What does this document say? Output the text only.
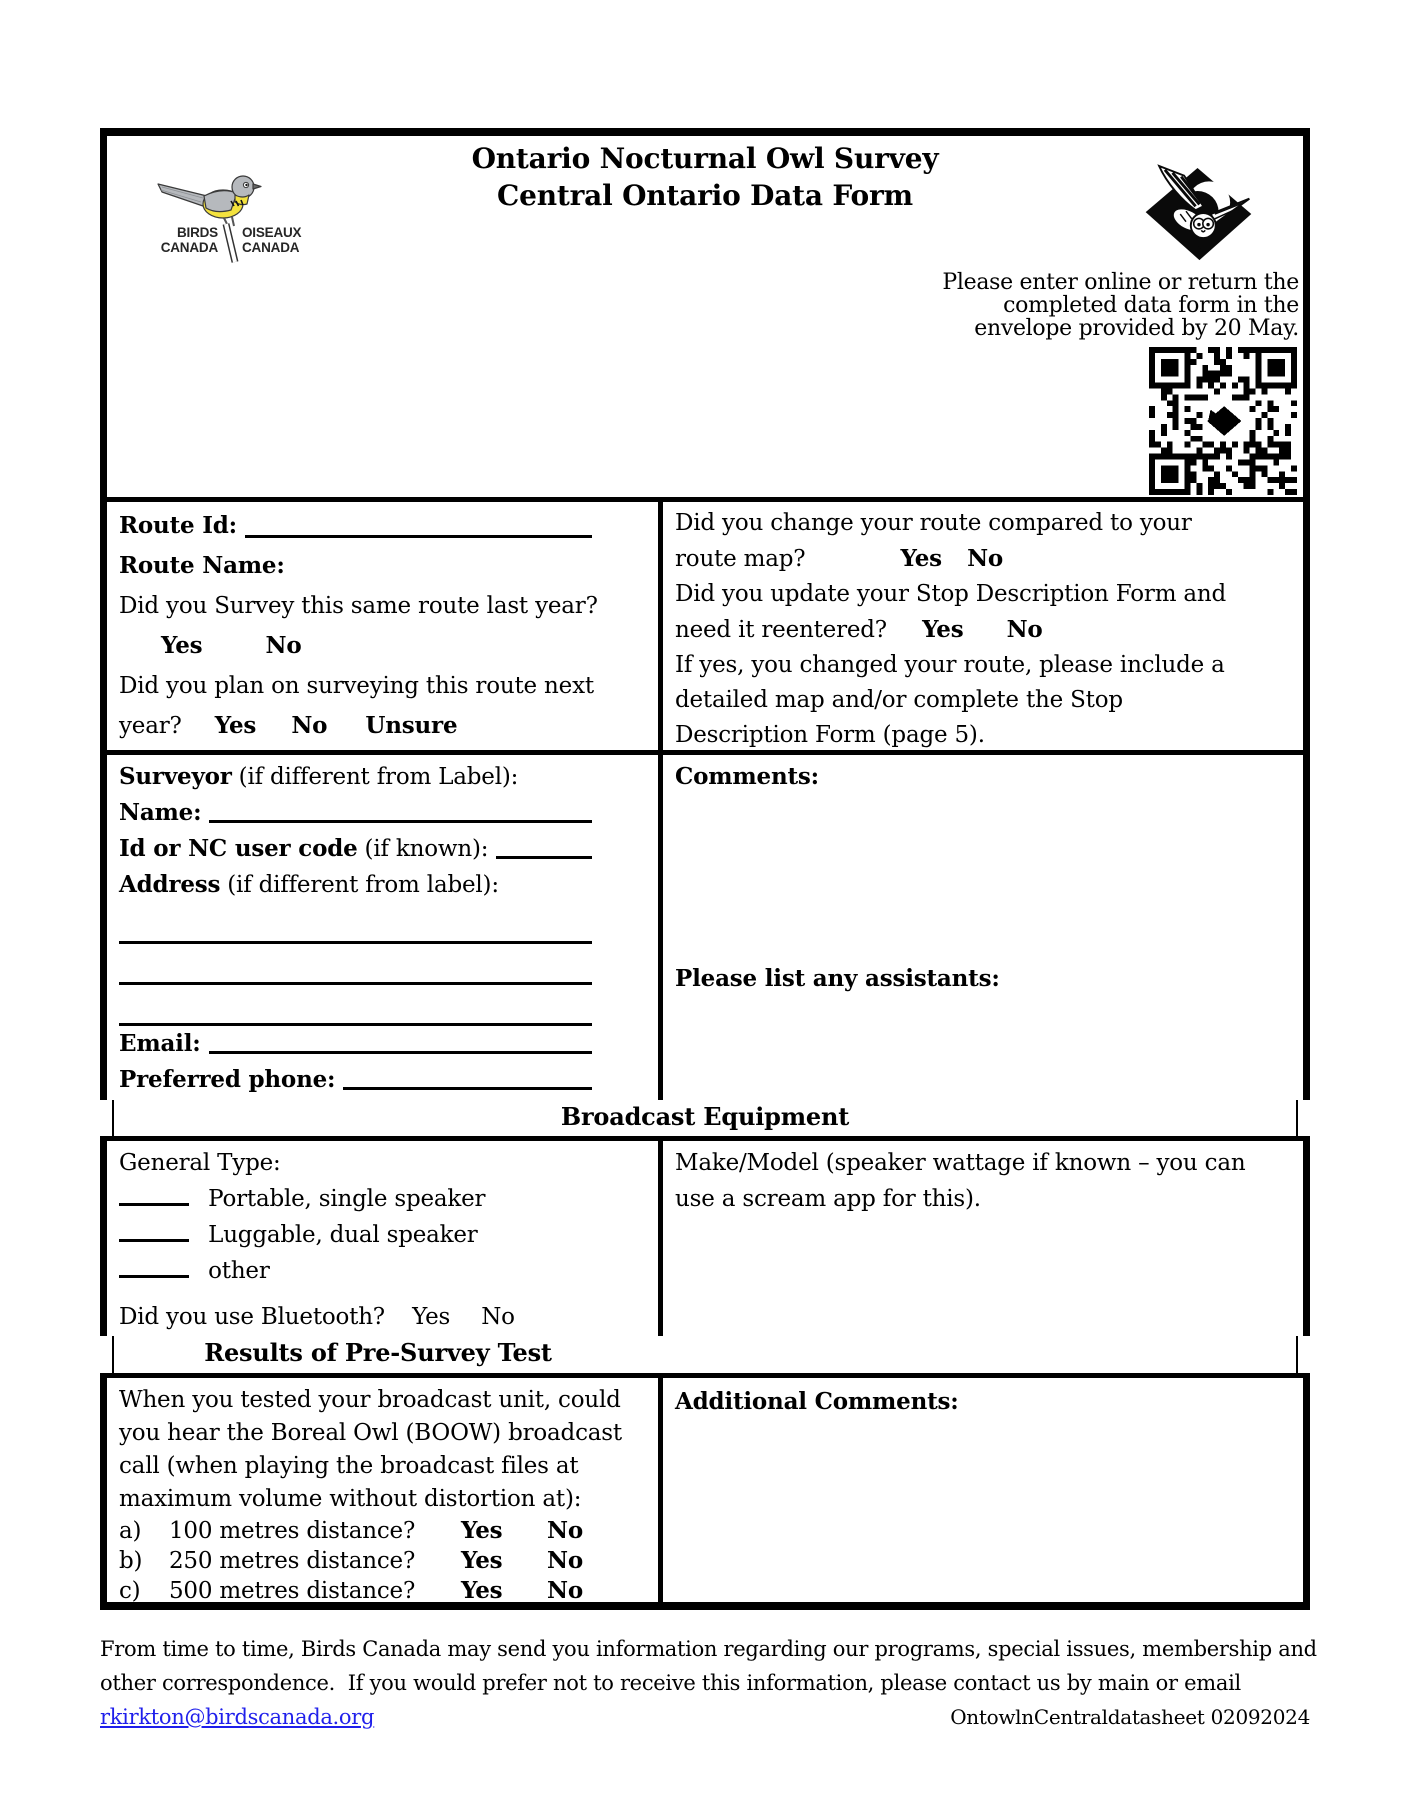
Ontario Nocturnal Owl Survey
Central Ontario Data Form
BIRDS
CANADA
OISEAUX
CANADA
Please enter online or return the
completed data form in the
envelope provided by 20 May.
Route Id:
Route Name:
Did you Survey this same route last year?
Yes	No
Did you plan on surveying this route next
year? Yes No Unsure
Did you change your route compared to your
route map?	Yes No
Did you update your Stop Description Form and
need it reentered? Yes No
If yes, you changed your route, please include a
detailed map and/or complete the Stop
Description Form (page 5).
Surveyor (if different from Label):
Name:
Id or NC user code (if known):
Address (if different from label):
Email:
Preferred phone:
Comments:
Please list any assistants:
Broadcast Equipment
General Type:
Portable, single speaker
Luggable, dual speaker
other
Did you use Bluetooth? Yes No
Make/Model (speaker wattage if known – you can
use a scream app for this).
Results of Pre-Survey Test
When you tested your broadcast unit, could you hear the Boreal Owl (BOOW) broadcast call (when playing the broadcast files at maximum volume without distortion at):
a)	100 metres distance?	Yes	No
b)	250 metres distance?	Yes	No
c)	500 metres distance?	Yes	No
Additional Comments:
From time to time, Birds Canada may send you information regarding our programs, special issues, membership and
other correspondence.  If you would prefer not to receive this information, please contact us by main or email
rkirkton@birdscanada.org	OntowlnCentraldatasheet 02092024
